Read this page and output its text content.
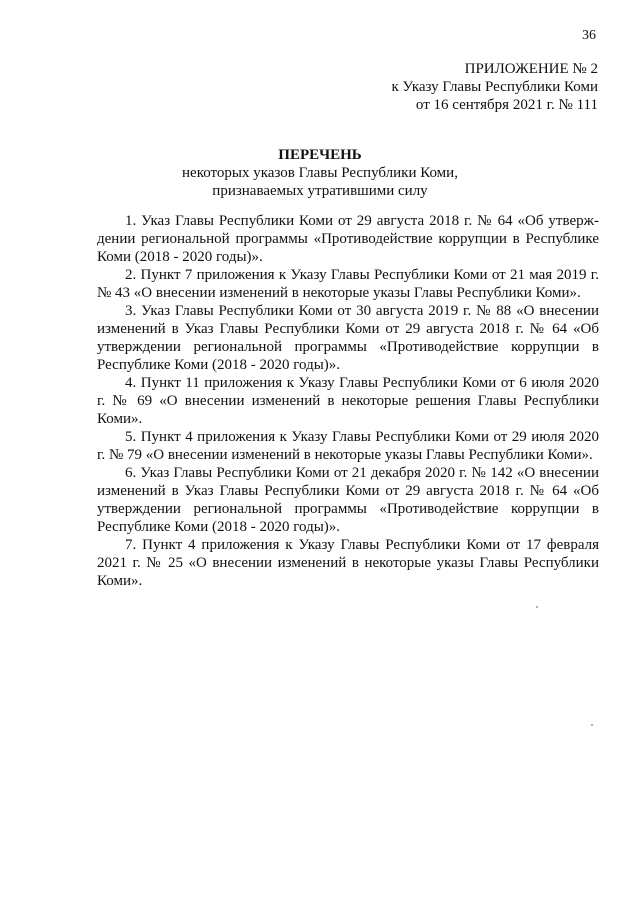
36
ПРИЛОЖЕНИЕ № 2
к Указу Главы Республики Коми
от 16 сентября 2021 г. № 111
ПЕРЕЧЕНЬ
некоторых указов Главы Республики Коми,
признаваемых утратившими силу

1. Указ Главы Республики Коми от 29 августа 2018 г. № 64 «Об утверждении региональной программы «Противодействие коррупции в Республике Коми (2018 - 2020 годы)».

2. Пункт 7 приложения к Указу Главы Республики Коми от 21 мая 2019 г. № 43 «О внесении изменений в некоторые указы Главы Республики Коми».

3. Указ Главы Республики Коми от 30 августа 2019 г. № 88 «О внесении изменений в Указ Главы Республики Коми от 29 августа 2018 г. № 64 «Об утверждении региональной программы «Противодействие коррупции в Республике Коми (2018 - 2020 годы)».

4. Пункт 11 приложения к Указу Главы Республики Коми от 6 июля 2020 г. № 69 «О внесении изменений в некоторые решения Главы Республики Коми».

5. Пункт 4 приложения к Указу Главы Республики Коми от 29 июля 2020 г. № 79 «О внесении изменений в некоторые указы Главы Республики Коми».

6. Указ Главы Республики Коми от 21 декабря 2020 г. № 142 «О внесении изменений в Указ Главы Республики Коми от 29 августа 2018 г. № 64 «Об утверждении региональной программы «Противодействие коррупции в Республике Коми (2018 - 2020 годы)».

7. Пункт 4 приложения к Указу Главы Республики Коми от 17 февраля 2021 г. № 25 «О внесении изменений в некоторые указы Главы Республики Коми».
